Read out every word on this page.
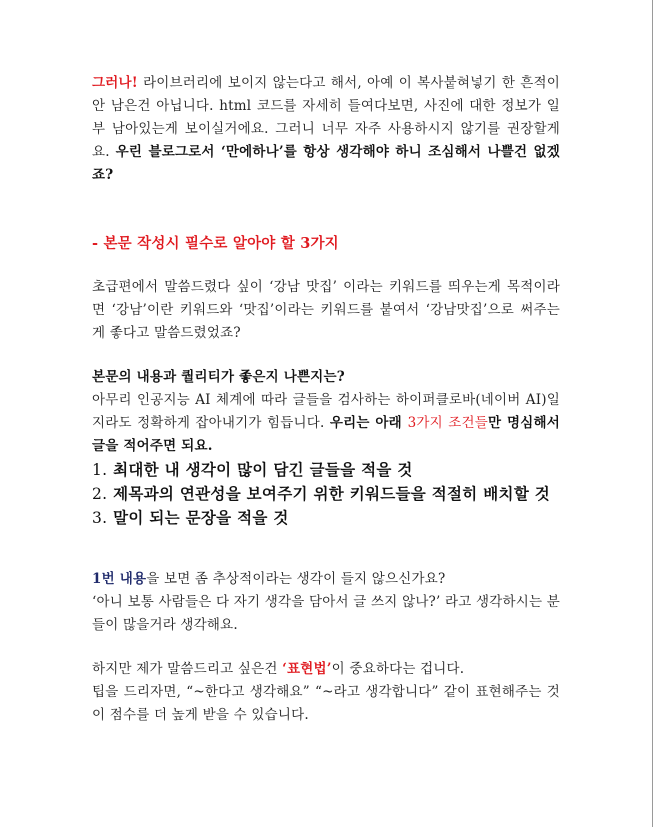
그러나! 라이브러리에 보이지 않는다고 해서, 아예 이 복사붙혀넣기 한 흔적이 안 남은건 아닙니다. html 코드를 자세히 들여다보면, 사진에 대한 정보가 일부 남아있는게 보이실거에요. 그러니 너무 자주 사용하시지 않기를 권장할게요. 우린 블로그로서 ‘만에하나’를 항상 생각해야 하니 조심해서 나쁠건 없겠죠?

- 본문 작성시 필수로 알아야 할 3가지

초급편에서 말씀드렸다 싶이 ‘강남 맛집’ 이라는 키워드를 띄우는게 목적이라면 ‘강남’이란 키워드와 ‘맛집’이라는 키워드를 붙여서 ‘강남맛집’으로 써주는게 좋다고 말씀드렸었죠?

본문의 내용과 퀄리티가 좋은지 나쁜지는?

아무리 인공지능 AI 체계에 따라 글들을 검사하는 하이퍼클로바(네이버 AI)일지라도 정확하게 잡아내기가 힘듭니다. 우리는 아래 3가지 조건들만 명심해서 글을 적어주면 되요.

1. 최대한 내 생각이 많이 담긴 글들을 적을 것
2. 제목과의 연관성을 보여주기 위한 키워드들을 적절히 배치할 것
3. 말이 되는 문장을 적을 것

1번 내용을 보면 좀 추상적이라는 생각이 들지 않으신가요?

‘아니 보통 사람들은 다 자기 생각을 담아서 글 쓰지 않나?’ 라고 생각하시는 분들이 많을거라 생각해요.

하지만 제가 말씀드리고 싶은건 ‘표현법’이 중요하다는 겁니다.

팁을 드리자면, “~한다고 생각해요” “~라고 생각합니다” 같이 표현해주는 것이 점수를 더 높게 받을 수 있습니다.
